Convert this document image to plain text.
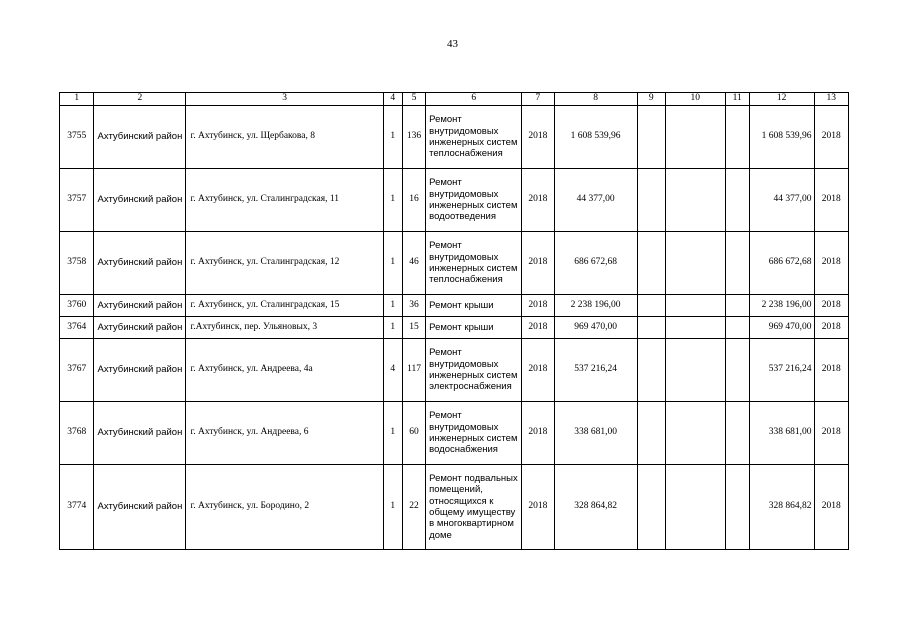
43
1	2	3	4	5	6	7	8	9	10	11	12	13
3755	Ахтубинский район	г. Ахтубинск, ул. Щербакова, 8	1	136	Ремонт внутридомовых инженерных систем теплоснабжения	2018	1 608 539,96				1 608 539,96	2018
3757	Ахтубинский район	г. Ахтубинск, ул. Сталинградская, 11	1	16	Ремонт внутридомовых инженерных систем водоотведения	2018	44 377,00				44 377,00	2018
3758	Ахтубинский район	г. Ахтубинск, ул. Сталинградская, 12	1	46	Ремонт внутридомовых инженерных систем теплоснабжения	2018	686 672,68				686 672,68	2018
3760	Ахтубинский район	г. Ахтубинск, ул. Сталинградская, 15	1	36	Ремонт крыши	2018	2 238 196,00				2 238 196,00	2018
3764	Ахтубинский район	г.Ахтубинск, пер. Ульяновых, 3	1	15	Ремонт крыши	2018	969 470,00				969 470,00	2018
3767	Ахтубинский район	г. Ахтубинск, ул. Андреева, 4а	4	117	Ремонт внутридомовых инженерных систем электроснабжения	2018	537 216,24				537 216,24	2018
3768	Ахтубинский район	г. Ахтубинск, ул. Андреева, 6	1	60	Ремонт внутридомовых инженерных систем водоснабжения	2018	338 681,00				338 681,00	2018
3774	Ахтубинский район	г. Ахтубинск, ул. Бородино, 2	1	22	Ремонт подвальных помещений, относящихся к общему имуществу в многоквартирном доме	2018	328 864,82				328 864,82	2018
